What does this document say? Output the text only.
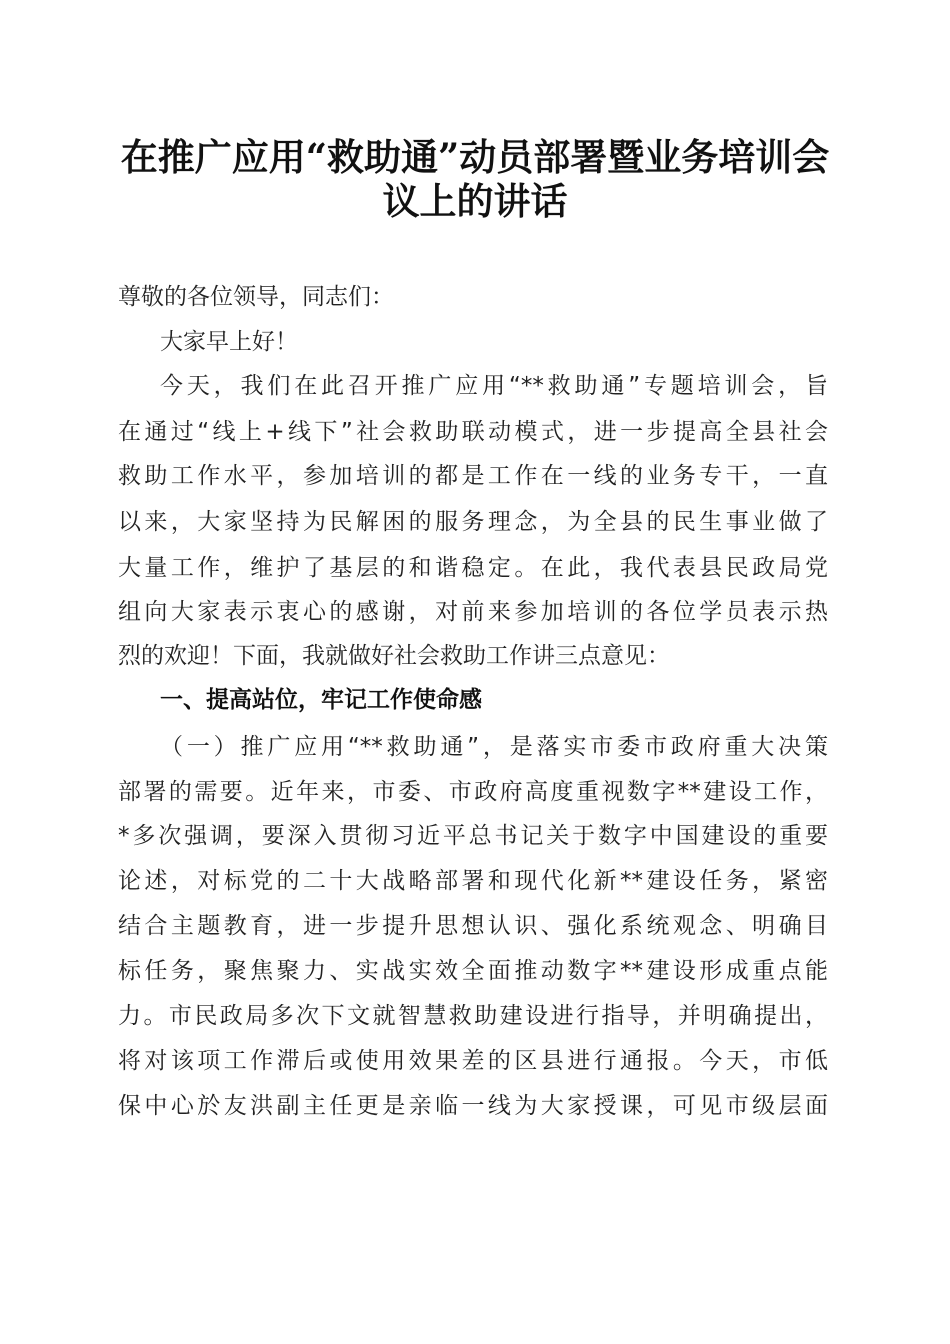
在推广应用“救助通”动员部署暨业务培训会
议上的讲话
尊敬的各位领导，同志们：
大家早上好！
今天，我们在此召开推广应用“**救助通”专题培训会，旨
在通过“线上+线下”社会救助联动模式，进一步提高全县社会
救助工作水平，参加培训的都是工作在一线的业务专干，一直
以来，大家坚持为民解困的服务理念，为全县的民生事业做了
大量工作，维护了基层的和谐稳定。在此，我代表县民政局党
组向大家表示衷心的感谢，对前来参加培训的各位学员表示热
烈的欢迎！下面，我就做好社会救助工作讲三点意见：
一、提高站位，牢记工作使命感
（一）推广应用“**救助通”，是落实市委市政府重大决策
部署的需要。近年来，市委、市政府高度重视数字**建设工作，
*多次强调，要深入贯彻习近平总书记关于数字中国建设的重要
论述，对标党的二十大战略部署和现代化新**建设任务，紧密
结合主题教育，进一步提升思想认识、强化系统观念、明确目
标任务，聚焦聚力、实战实效全面推动数字**建设形成重点能
力。市民政局多次下文就智慧救助建设进行指导，并明确提出，
将对该项工作滞后或使用效果差的区县进行通报。今天，市低
保中心於友洪副主任更是亲临一线为大家授课，可见市级层面
